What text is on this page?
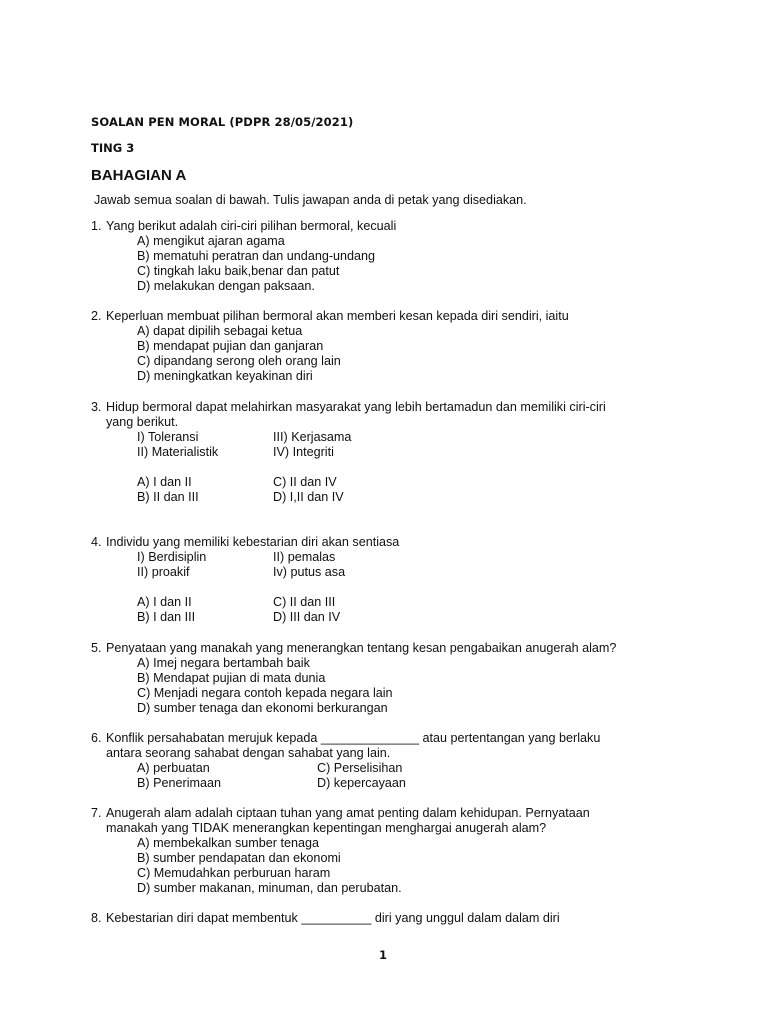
SOALAN PEN MORAL (PDPR 28/05/2021)
TING 3
BAHAGIAN A
Jawab semua soalan di bawah. Tulis jawapan anda di petak yang disediakan.
1. Yang berikut adalah ciri-ciri pilihan bermoral, kecuali
A) mengikut ajaran agama
B) mematuhi peratran dan undang-undang
C) tingkah laku baik,benar dan patut
D) melakukan dengan paksaan.
2. Keperluan membuat pilihan bermoral akan memberi kesan kepada diri sendiri, iaitu
A) dapat dipilih sebagai ketua
B) mendapat pujian dan ganjaran
C) dipandang serong oleh orang lain
D) meningkatkan keyakinan diri
3. Hidup bermoral dapat melahirkan masyarakat yang lebih bertamadun dan memiliki ciri-ciri
yang berikut.
I) Toleransi	III) Kerjasama
II) Materialistik	IV) Integriti
A) I dan II	C) II dan IV
B) II dan III	D) I,II dan IV
4. Individu yang memiliki kebestarian diri akan sentiasa
I) Berdisiplin	II) pemalas
II) proakif	Iv) putus asa
A) I dan II	C) II dan III
B) I dan III	D) III dan IV
5. Penyataan yang manakah yang menerangkan tentang kesan pengabaikan anugerah alam?
A) Imej negara bertambah baik
B) Mendapat pujian di mata dunia
C) Menjadi negara contoh kepada negara lain
D) sumber tenaga dan ekonomi berkurangan
6. Konflik persahabatan merujuk kepada ______________ atau pertentangan yang berlaku
antara seorang sahabat dengan sahabat yang lain.
A) perbuatan	C) Perselisihan
B) Penerimaan	D) kepercayaan
7. Anugerah alam adalah ciptaan tuhan yang amat penting dalam kehidupan. Pernyataan
manakah yang TIDAK menerangkan kepentingan menghargai anugerah alam?
A) membekalkan sumber tenaga
B) sumber pendapatan dan ekonomi
C) Memudahkan perburuan haram
D) sumber makanan, minuman, dan perubatan.
8. Kebestarian diri dapat membentuk __________ diri yang unggul dalam dalam diri
1
